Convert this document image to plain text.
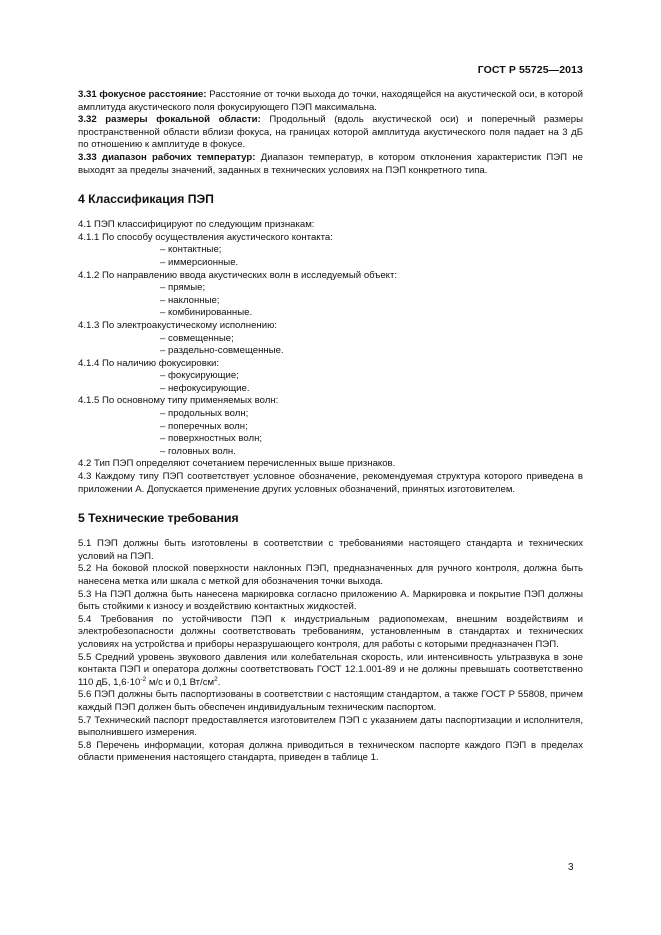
ГОСТ Р 55725—2013

3.31 фокусное расстояние: Расстояние от точки выхода до точки, находящейся на акустической оси, в которой амплитуда акустического поля фокусирующего ПЭП максимальна.

3.32 размеры фокальной области: Продольный (вдоль акустической оси) и поперечный размеры пространственной области вблизи фокуса, на границах которой амплитуда акустического поля падает на 3 дБ по отношению к амплитуде в фокусе.

3.33 диапазон рабочих температур: Диапазон температур, в котором отклонения характеристик ПЭП не выходят за пределы значений, заданных в технических условиях на ПЭП конкретного типа.

4 Классификация ПЭП
4.1 ПЭП классифицируют по следующим признакам:
4.1.1 По способу осуществления акустического контакта:
– контактные;
– иммерсионные.
4.1.2 По направлению ввода акустических волн в исследуемый объект:
– прямые;
– наклонные;
– комбинированные.
4.1.3 По электроакустическому исполнению:
– совмещенные;
– раздельно-совмещенные.
4.1.4 По наличию фокусировки:
– фокусирующие;
– нефокусирующие.
4.1.5 По основному типу применяемых волн:
– продольных волн;
– поперечных волн;
– поверхностных волн;
– головных волн.

4.2 Тип ПЭП определяют сочетанием перечисленных выше признаков.

4.3 Каждому типу ПЭП соответствует условное обозначение, рекомендуемая структура которого приведена в приложении А. Допускается применение других условных обозначений, принятых изготовителем.

5 Технические требования

5.1 ПЭП должны быть изготовлены в соответствии с требованиями настоящего стандарта и технических условий на ПЭП.

5.2 На боковой плоской поверхности наклонных ПЭП, предназначенных для ручного контроля, должна быть нанесена метка или шкала с меткой для обозначения точки выхода.

5.3 На ПЭП должна быть нанесена маркировка согласно приложению А. Маркировка и покрытие ПЭП должны быть стойкими к износу и воздействию контактных жидкостей.

5.4 Требования по устойчивости ПЭП к индустриальным радиопомехам, внешним воздействиям и электробезопасности должны соответствовать требованиям, установленным в стандартах и технических условиях на устройства и приборы неразрушающего контроля, для работы с которыми предназначен ПЭП.

5.5 Средний уровень звукового давления или колебательная скорость, или интенсивность ультразвука в зоне контакта ПЭП и оператора должны соответствовать ГОСТ 12.1.001-89 и не должны превышать соответственно 110 дБ, $1,6\cdot 10^{-2}$ м/с и 0,1 $Вт/см^2$.

5.6 ПЭП должны быть паспортизованы в соответствии с настоящим стандартом, а также ГОСТ Р 55808, причем каждый ПЭП должен быть обеспечен индивидуальным техническим паспортом.

5.7 Технический паспорт предоставляется изготовителем ПЭП с указанием даты паспортизации и исполнителя, выполнившего измерения.

5.8 Перечень информации, которая должна приводиться в техническом паспорте каждого ПЭП в пределах области применения настоящего стандарта, приведен в таблице 1.

3
